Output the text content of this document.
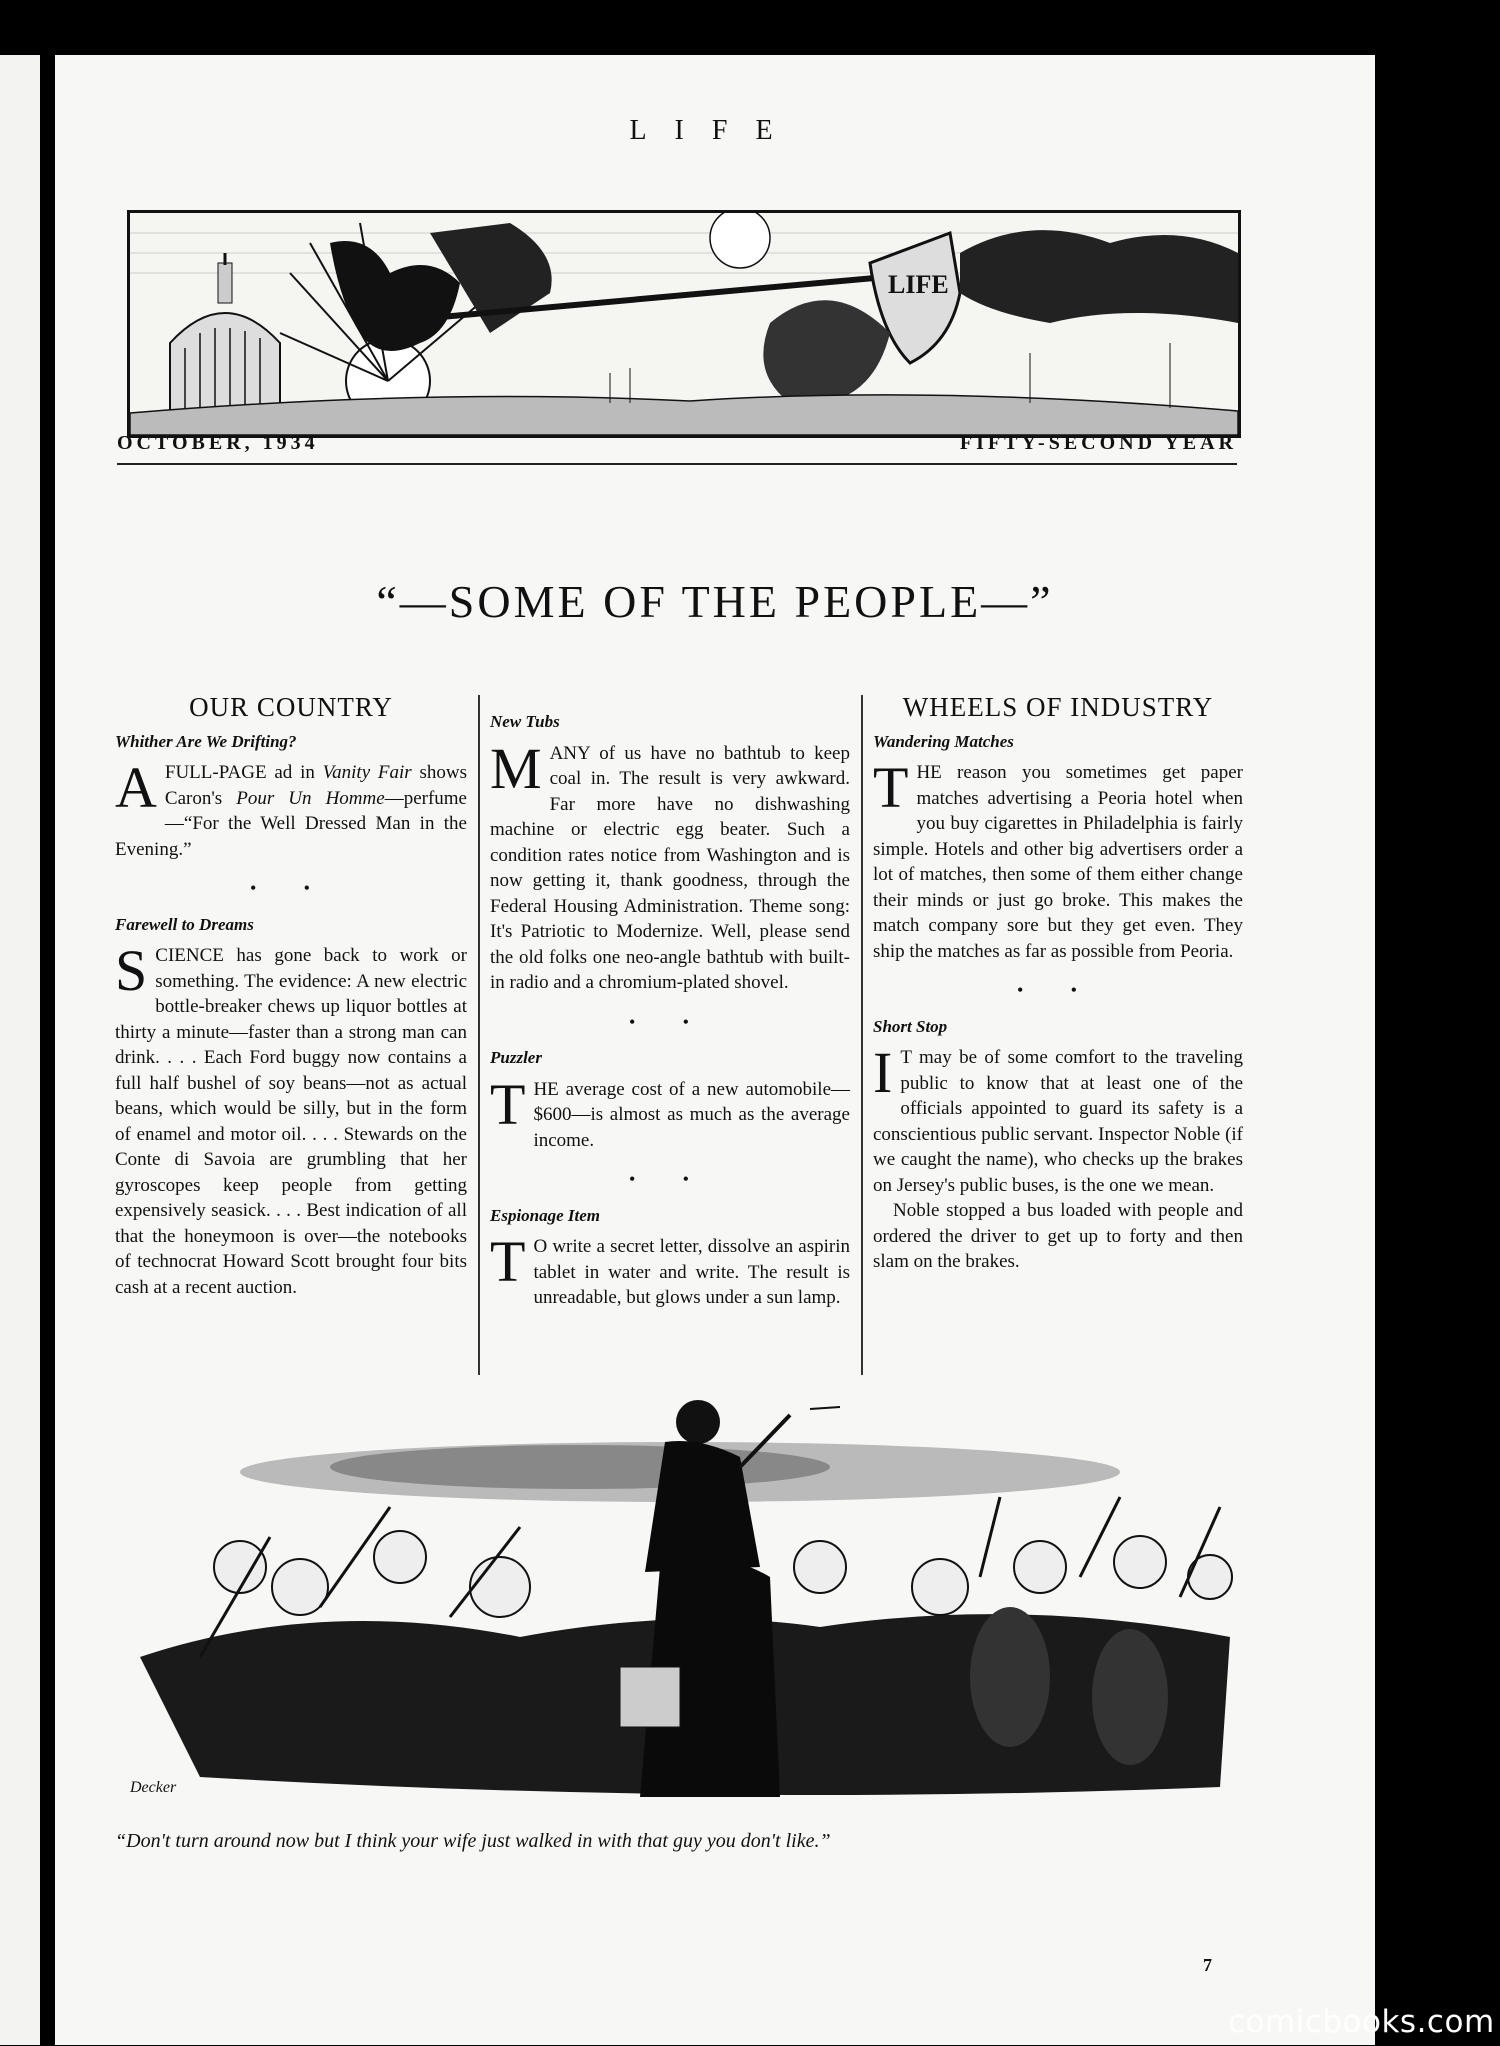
LIFE
LIFE
OCTOBER, 1934	FIFTY-SECOND YEAR
“—SOME OF THE PEOPLE—”
OUR COUNTRY
Whither Are We Drifting?

A FULL-PAGE ad in Vanity Fair shows Caron's Pour Un Homme—perfume—“For the Well Dressed Man in the Evening.”

• •
Farewell to Dreams

SCIENCE has gone back to work or something. The evidence: A new electric bottle-breaker chews up liquor bottles at thirty a minute—faster than a strong man can drink. . . . Each Ford buggy now contains a full half bushel of soy beans—not as actual beans, which would be silly, but in the form of enamel and motor oil. . . . Stewards on the Conte di Savoia are grumbling that her gyroscopes keep people from getting expensively seasick. . . . Best indication of all that the honeymoon is over—the notebooks of technocrat Howard Scott brought four bits cash at a recent auction.

New Tubs

MANY of us have no bathtub to keep coal in. The result is very awkward. Far more have no dishwashing machine or electric egg beater. Such a condition rates notice from Washington and is now getting it, thank goodness, through the Federal Housing Administration. Theme song: It's Patriotic to Modernize. Well, please send the old folks one neo-angle bathtub with built-in radio and a chromium-plated shovel.

• •
Puzzler

THE average cost of a new automobile—$600—is almost as much as the average income.

• •
Espionage Item

T O write a secret letter, dissolve an aspirin tablet in water and write. The result is unreadable, but glows under a sun lamp.

WHEELS OF INDUSTRY
Wandering Matches

THE reason you sometimes get paper matches advertising a Peoria hotel when you buy cigarettes in Philadelphia is fairly simple. Hotels and other big advertisers order a lot of matches, then some of them either change their minds or just go broke. This makes the match company sore but they get even. They ship the matches as far as possible from Peoria.

• •
Short Stop

I T may be of some comfort to the traveling public to know that at least one of the officials appointed to guard its safety is a conscientious public servant. Inspector Noble (if we caught the name), who checks up the brakes on Jersey's public buses, is the one we mean.

Noble stopped a bus loaded with people and ordered the driver to get up to forty and then slam on the brakes.

Decker
“Don't turn around now but I think your wife just walked in with that guy you don't like.”
7
comicbooks.com
